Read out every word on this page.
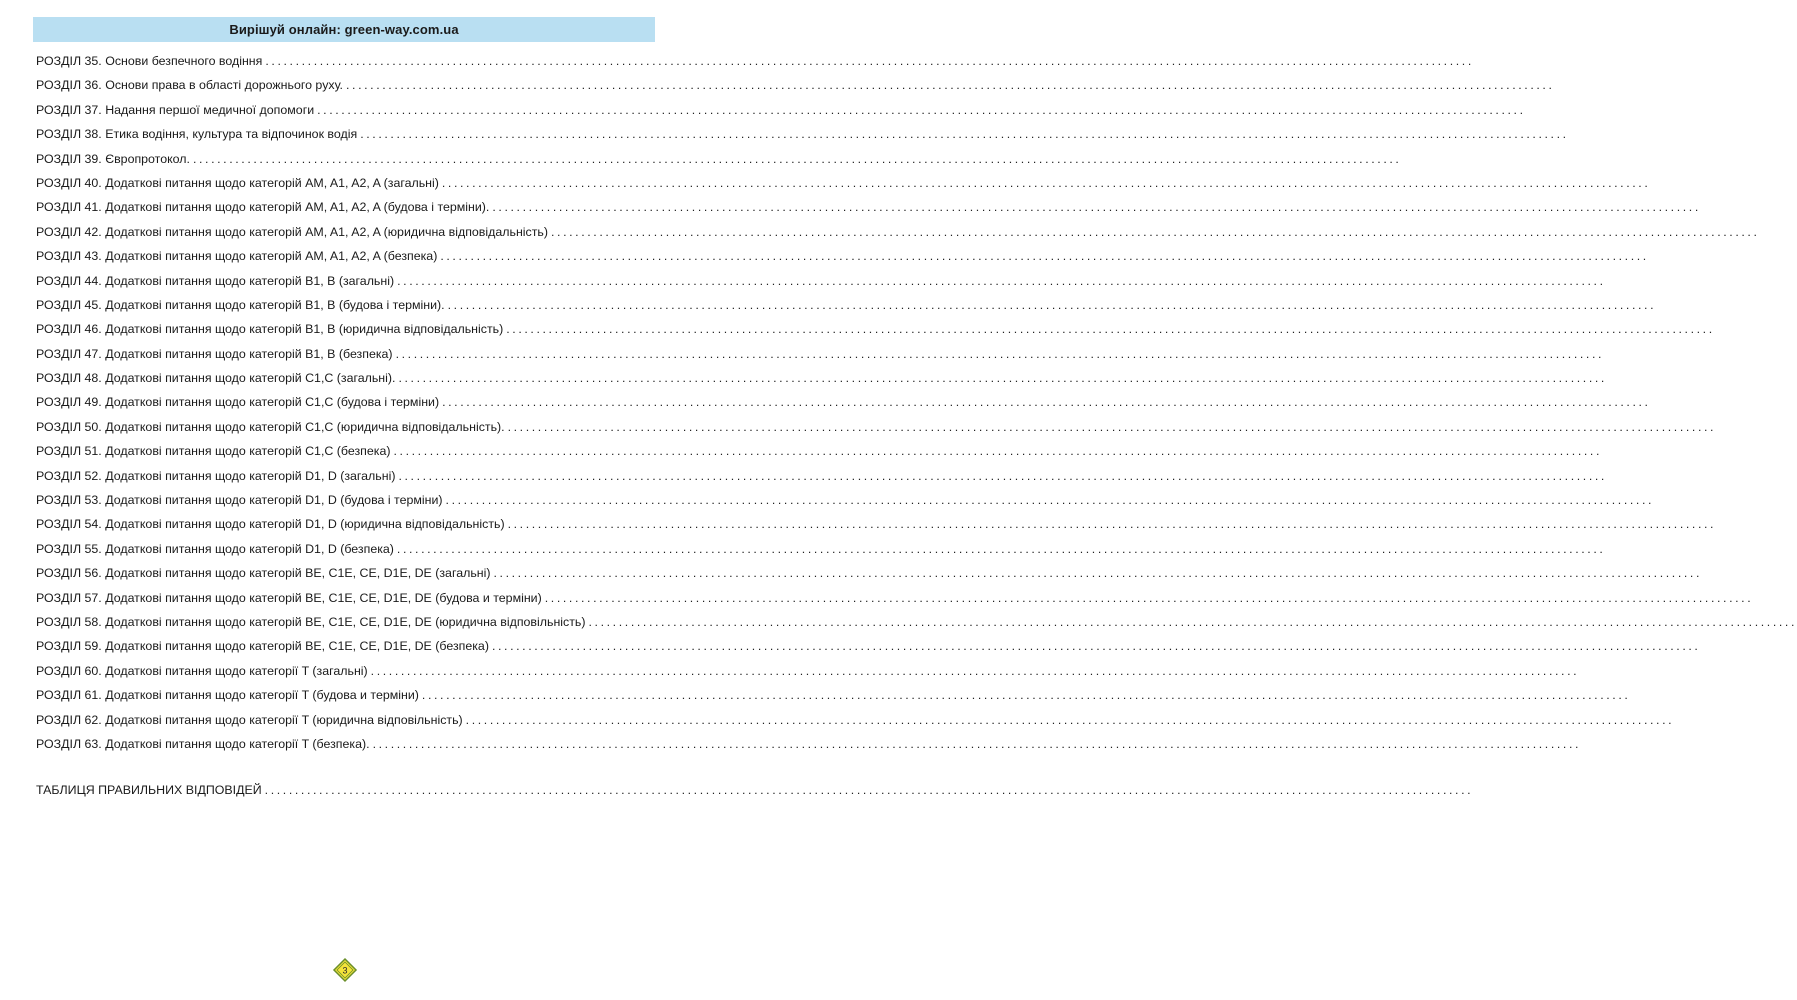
Вирішуй онлайн: green-way.com.ua
РОЗДІЛ 35. Основи безпечного водіння ........................................................................................................................................................................................................
РОЗДІЛ 36. Основи права в області дорожнього руху. ........................................................................................................................................................................................................
РОЗДІЛ 37. Надання першої медичної допомоги ........................................................................................................................................................................................................
РОЗДІЛ 38. Етика водіння, культура та відпочинок водія ........................................................................................................................................................................................................
РОЗДІЛ 39. Європротокол. ........................................................................................................................................................................................................
РОЗДІЛ 40. Додаткові питання щодо категорій AM, A1, A2, A (загальні) ........................................................................................................................................................................................................
РОЗДІЛ 41. Додаткові питання щодо категорій AM, A1, A2, A (будова і терміни). ........................................................................................................................................................................................................
РОЗДІЛ 42. Додаткові питання щодо категорій AM, A1, A2, A (юридична відповідальність) ........................................................................................................................................................................................................
РОЗДІЛ 43. Додаткові питання щодо категорій AM, A1, A2, A (безпека) ........................................................................................................................................................................................................
РОЗДІЛ 44. Додаткові питання щодо категорій B1, B (загальні) ........................................................................................................................................................................................................
РОЗДІЛ 45. Додаткові питання щодо категорій B1, B (будова і терміни). ........................................................................................................................................................................................................
РОЗДІЛ 46. Додаткові питання щодо категорій B1, B (юридична відповідальність) ........................................................................................................................................................................................................
РОЗДІЛ 47. Додаткові питання щодо категорій B1, B (безпека) ........................................................................................................................................................................................................
РОЗДІЛ 48. Додаткові питання щодо категорій C1,C (загальні). ........................................................................................................................................................................................................
РОЗДІЛ 49. Додаткові питання щодо категорій C1,C (будова і терміни) ........................................................................................................................................................................................................
РОЗДІЛ 50. Додаткові питання щодо категорій C1,C (юридична відповідальність). ........................................................................................................................................................................................................
РОЗДІЛ 51. Додаткові питання щодо категорій C1,C (безпека) ........................................................................................................................................................................................................
РОЗДІЛ 52. Додаткові питання щодо категорій D1, D (загальні) ........................................................................................................................................................................................................
РОЗДІЛ 53. Додаткові питання щодо категорій D1, D (будова і терміни) ........................................................................................................................................................................................................
РОЗДІЛ 54. Додаткові питання щодо категорій D1, D (юридична відповідальність) ........................................................................................................................................................................................................
РОЗДІЛ 55. Додаткові питання щодо категорій D1, D (безпека) ........................................................................................................................................................................................................
РОЗДІЛ 56. Додаткові питання щодо категорій BE, C1E, CE, D1E, DE (загальні) ........................................................................................................................................................................................................
РОЗДІЛ 57. Додаткові питання щодо категорій BE, C1E, CE, D1E, DE (будова и терміни) ........................................................................................................................................................................................................
РОЗДІЛ 58. Додаткові питання щодо категорій BE, C1E, CE, D1E, DE (юридична відповільність) ........................................................................................................................................................................................................
РОЗДІЛ 59. Додаткові питання щодо категорій BE, C1E, CE, D1E, DE (безпека) ........................................................................................................................................................................................................
РОЗДІЛ 60. Додаткові питання щодо категорії T (загальні) ........................................................................................................................................................................................................
РОЗДІЛ 61. Додаткові питання щодо категорії T (будова и терміни) ........................................................................................................................................................................................................
РОЗДІЛ 62. Додаткові питання щодо категорії T (юридична відповільність) ........................................................................................................................................................................................................
РОЗДІЛ 63. Додаткові питання щодо категорії T (безпека). ........................................................................................................................................................................................................
ТАБЛИЦЯ ПРАВИЛЬНИХ ВІДПОВІДЕЙ ........................................................................................................................................................................................................
3
